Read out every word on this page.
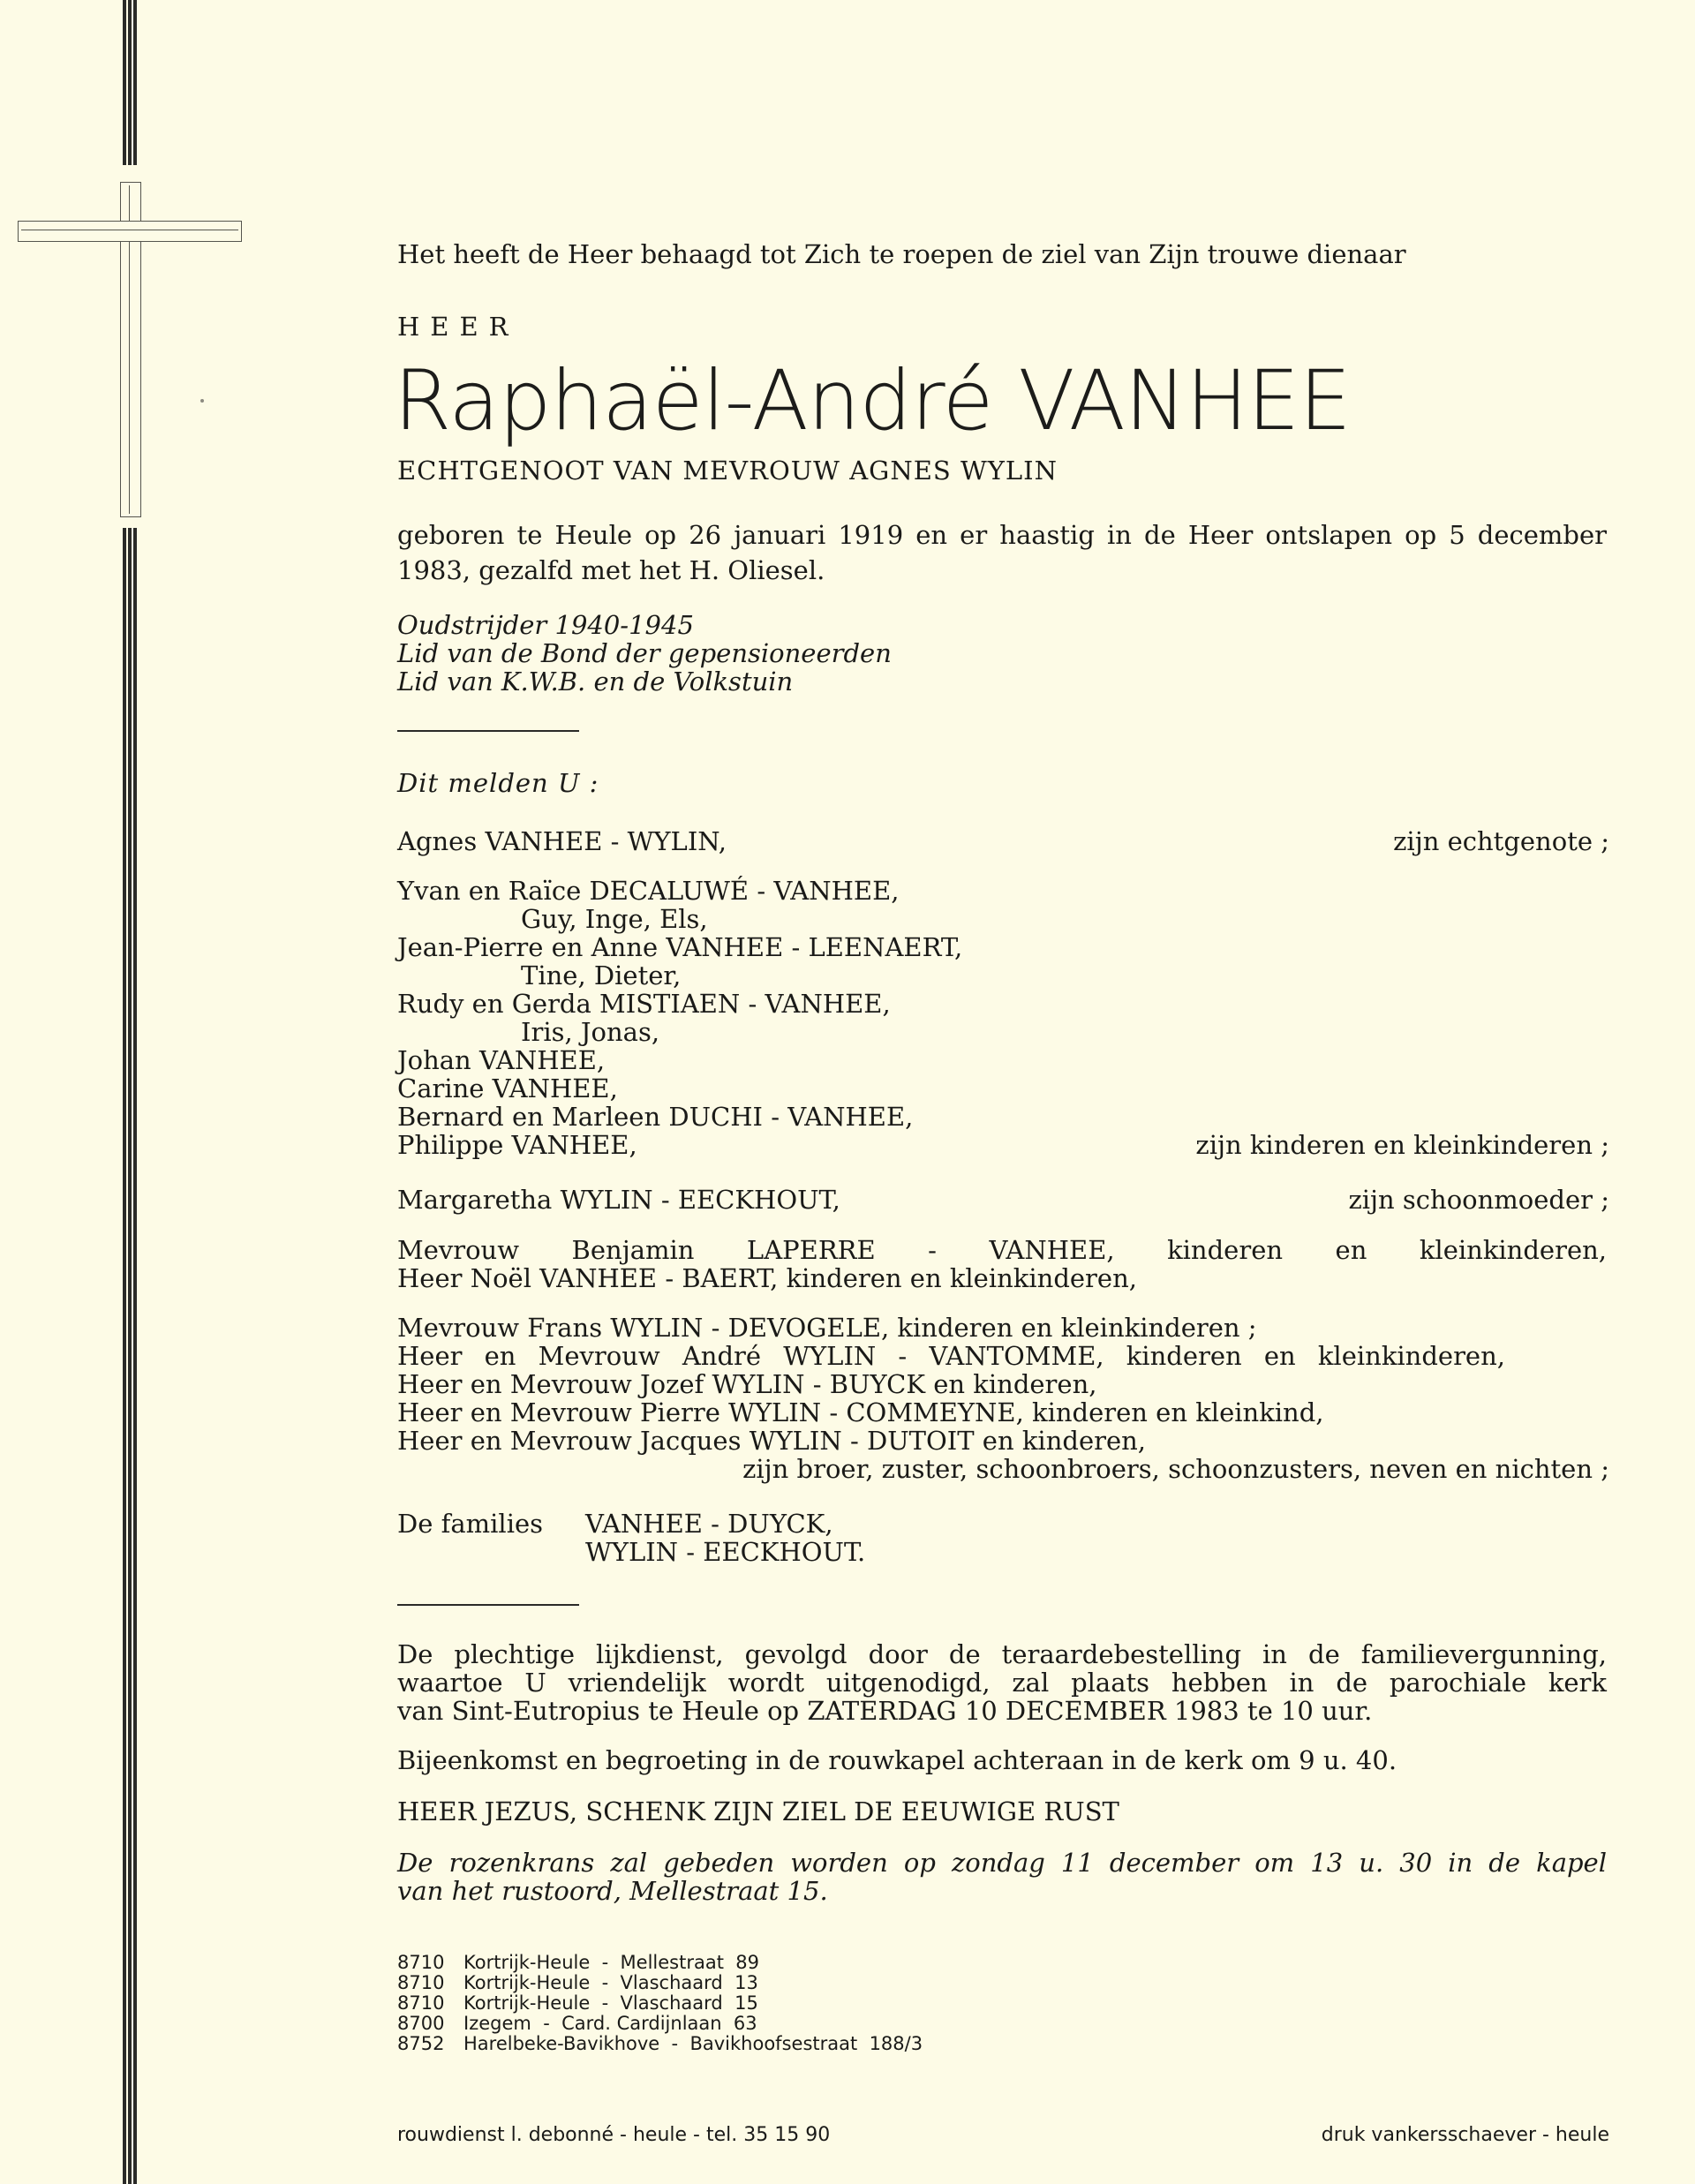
Het heeft de Heer behaagd tot Zich te roepen de ziel van Zijn trouwe dienaar
HEER
Raphaël-André VANHEE
ECHTGENOOT VAN MEVROUW AGNES WYLIN
geboren te Heule op 26 januari 1919 en er haastig in de Heer ontslapen op 5 december 1983, gezalfd met het H. Oliesel.
Oudstrijder 1940-1945
Lid van de Bond der gepensioneerden
Lid van K.W.B. en de Volkstuin
Dit melden U :
Agnes VANHEE - WYLIN,	zijn echtgenote ;
Yvan en Raïce DECALUWÉ - VANHEE,
Guy, Inge, Els,
Jean-Pierre en Anne VANHEE - LEENAERT,
Tine, Dieter,
Rudy en Gerda MISTIAEN - VANHEE,
Iris, Jonas,
Johan VANHEE,
Carine VANHEE,
Bernard en Marleen DUCHI - VANHEE,
Philippe VANHEE,	zijn kinderen en kleinkinderen ;
Margaretha WYLIN - EECKHOUT,	zijn schoonmoeder ;
Mevrouw Benjamin LAPERRE - VANHEE, kinderen en kleinkinderen,
Heer Noël VANHEE - BAERT, kinderen en kleinkinderen,
Mevrouw Frans WYLIN - DEVOGELE, kinderen en kleinkinderen ;
Heer en Mevrouw André WYLIN - VANTOMME, kinderen en kleinkinderen,
Heer en Mevrouw Jozef WYLIN - BUYCK en kinderen,
Heer en Mevrouw Pierre WYLIN - COMMEYNE, kinderen en kleinkind,
Heer en Mevrouw Jacques WYLIN - DUTOIT en kinderen,
zijn broer, zuster, schoonbroers, schoonzusters, neven en nichten ;
De families VANHEE - DUYCK,
WYLIN - EECKHOUT.
De plechtige lijkdienst, gevolgd door de teraardebestelling in de familievergunning,
waartoe U vriendelijk wordt uitgenodigd, zal plaats hebben in de parochiale kerk
van Sint-Eutropius te Heule op ZATERDAG 10 DECEMBER 1983 te 10 uur.
Bijeenkomst en begroeting in de rouwkapel achteraan in de kerk om 9 u. 40.
HEER JEZUS, SCHENK ZIJN ZIEL DE EEUWIGE RUST
De rozenkrans zal gebeden worden op zondag 11 december om 13 u. 30 in de kapel
van het rustoord, Mellestraat 15.
8710 Kortrijk-Heule  -  Mellestraat  89
8710 Kortrijk-Heule  -  Vlaschaard  13
8710 Kortrijk-Heule  -  Vlaschaard  15
8700 Izegem  -  Card. Cardijnlaan  63
8752 Harelbeke-Bavikhove  -  Bavikhoofsestraat  188/3
rouwdienst l. debonné - heule - tel. 35 15 90	druk vankersschaever - heule
